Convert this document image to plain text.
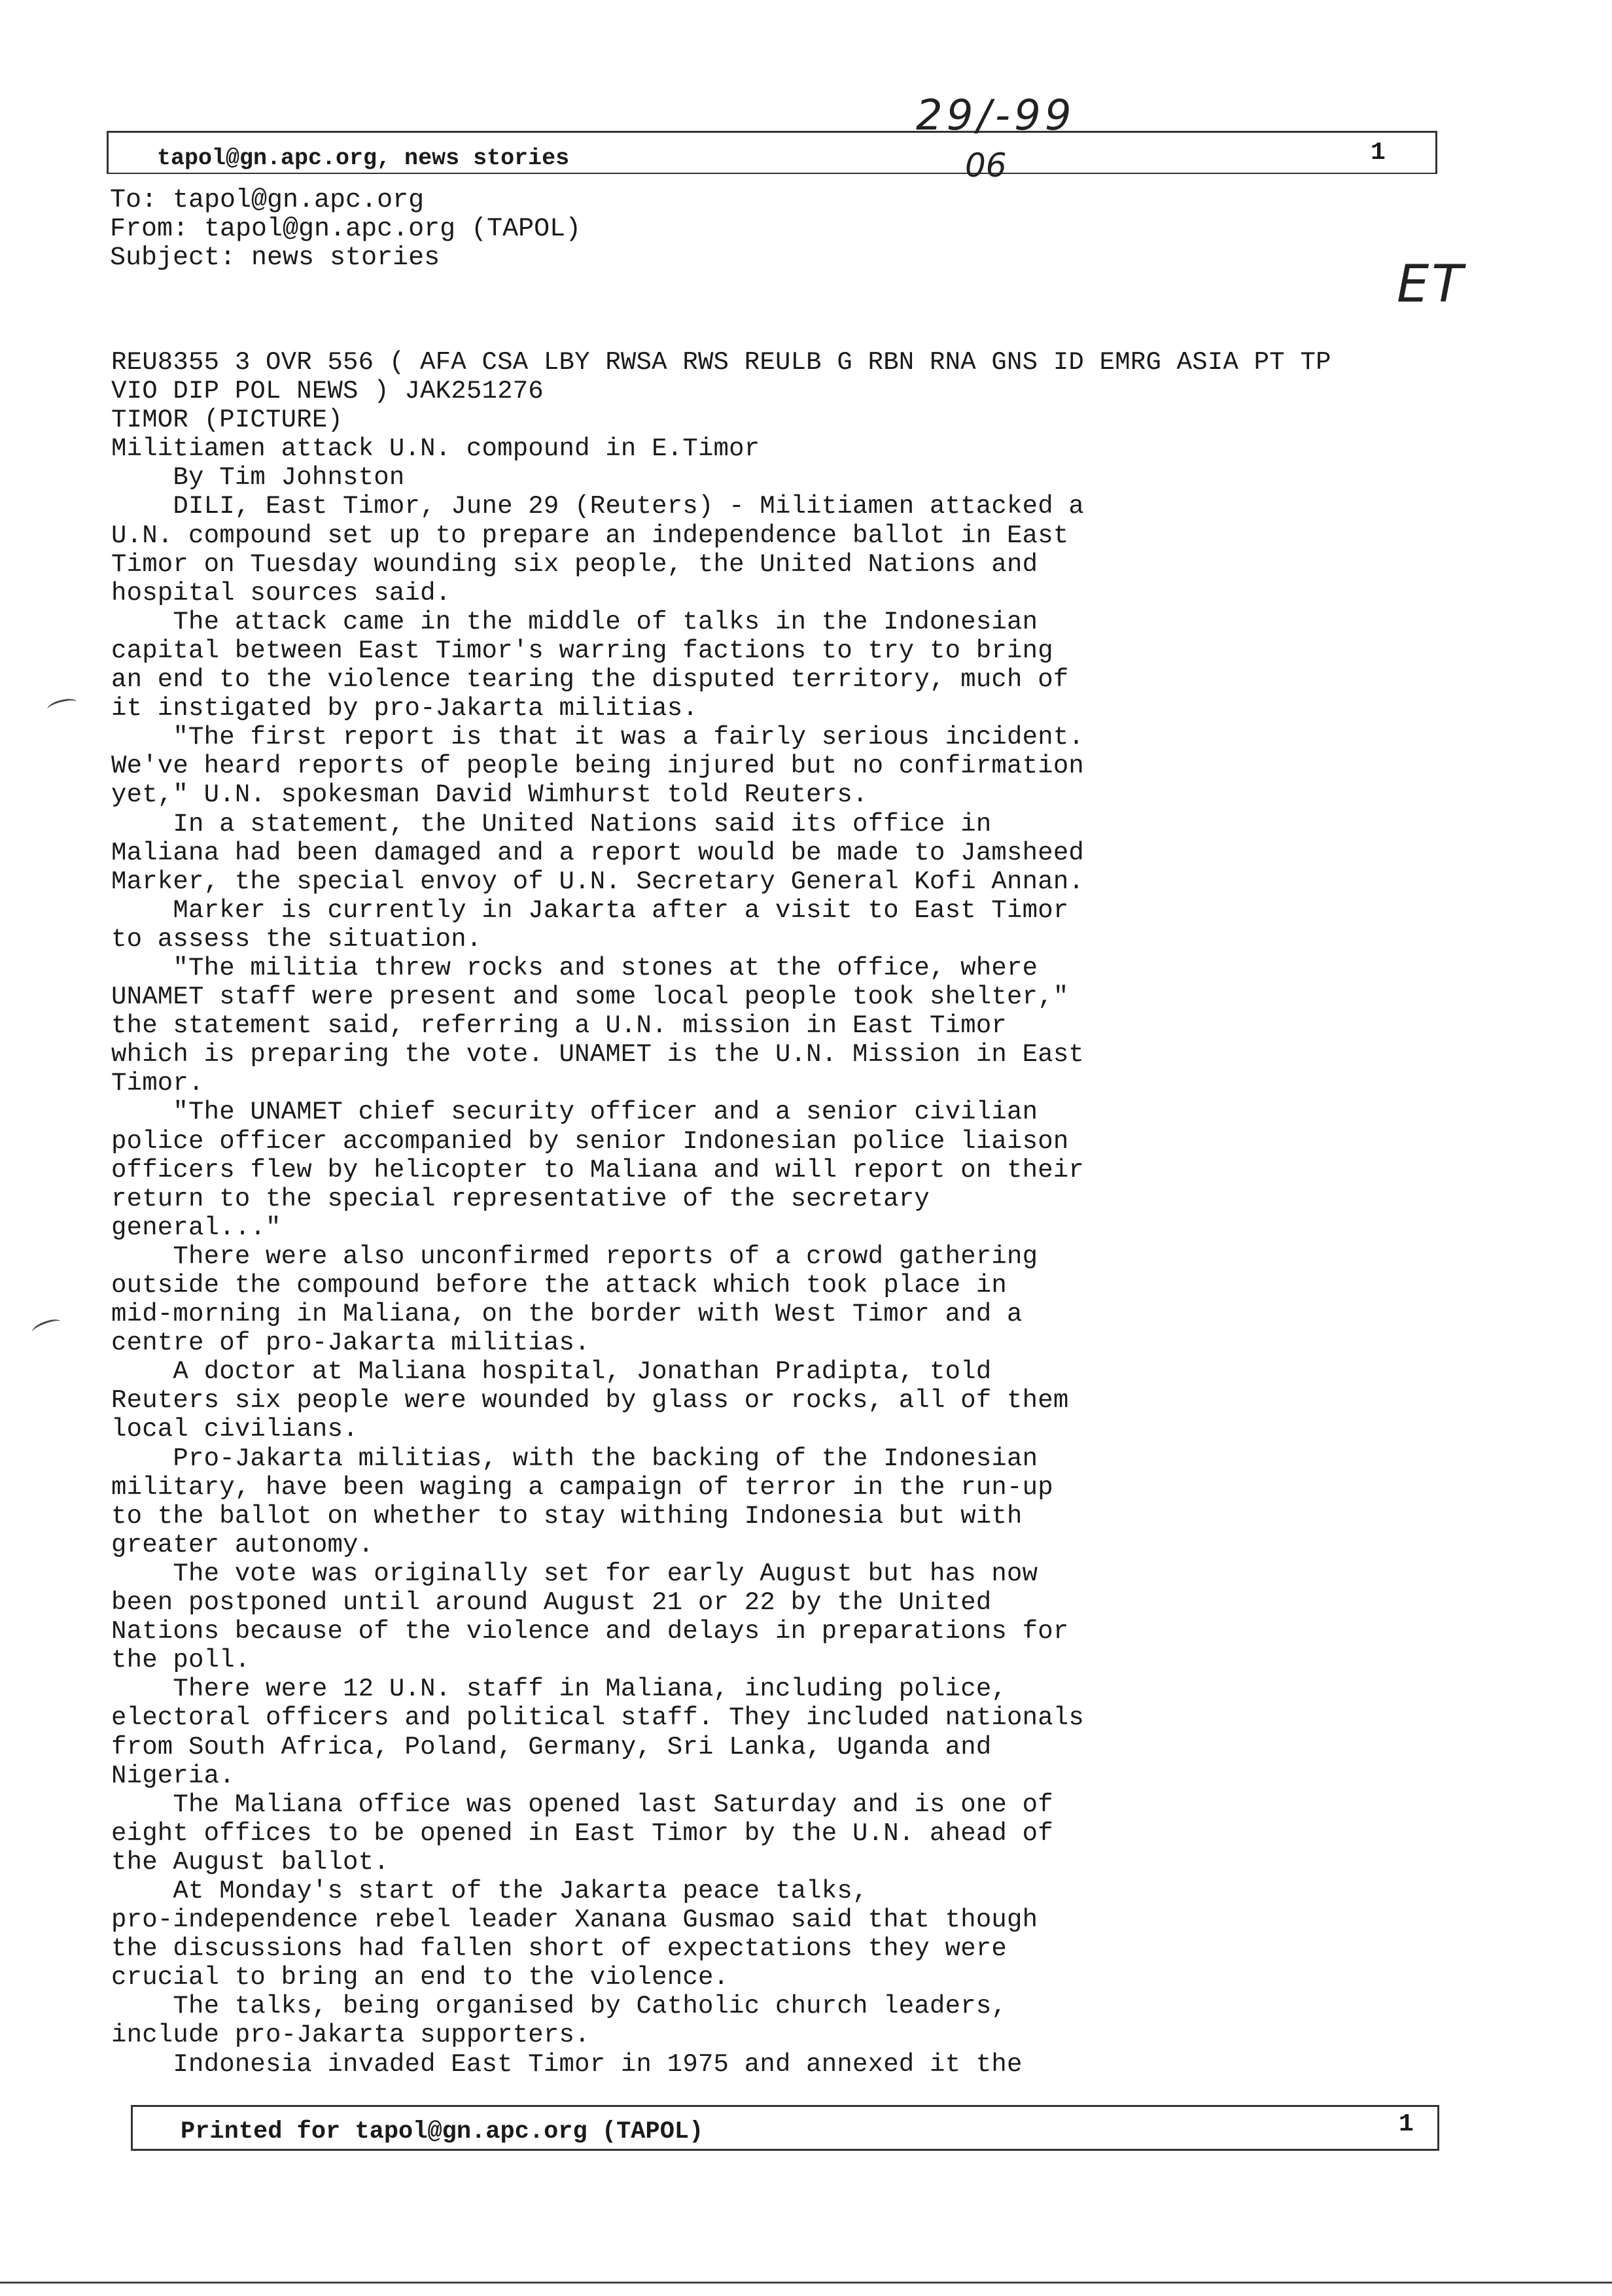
tapol@gn.apc.org, news stories	1
29/-99
06
ET
To: tapol@gn.apc.org
From: tapol@gn.apc.org (TAPOL)
Subject: news stories
REU8355 3 OVR 556 ( AFA CSA LBY RWSA RWS REULB G RBN RNA GNS ID EMRG ASIA PT TP
VIO DIP POL NEWS ) JAK251276
TIMOR (PICTURE)
Militiamen attack U.N. compound in E.Timor
By Tim Johnston
DILI, East Timor, June 29 (Reuters) - Militiamen attacked a
U.N. compound set up to prepare an independence ballot in East
Timor on Tuesday wounding six people, the United Nations and
hospital sources said.
The attack came in the middle of talks in the Indonesian
capital between East Timor's warring factions to try to bring
an end to the violence tearing the disputed territory, much of
it instigated by pro-Jakarta militias.
"The first report is that it was a fairly serious incident.
We've heard reports of people being injured but no confirmation
yet," U.N. spokesman David Wimhurst told Reuters.
In a statement, the United Nations said its office in
Maliana had been damaged and a report would be made to Jamsheed
Marker, the special envoy of U.N. Secretary General Kofi Annan.
Marker is currently in Jakarta after a visit to East Timor
to assess the situation.
"The militia threw rocks and stones at the office, where
UNAMET staff were present and some local people took shelter,"
the statement said, referring a U.N. mission in East Timor
which is preparing the vote. UNAMET is the U.N. Mission in East
Timor.
"The UNAMET chief security officer and a senior civilian
police officer accompanied by senior Indonesian police liaison
officers flew by helicopter to Maliana and will report on their
return to the special representative of the secretary
general..."
There were also unconfirmed reports of a crowd gathering
outside the compound before the attack which took place in
mid-morning in Maliana, on the border with West Timor and a
centre of pro-Jakarta militias.
A doctor at Maliana hospital, Jonathan Pradipta, told
Reuters six people were wounded by glass or rocks, all of them
local civilians.
Pro-Jakarta militias, with the backing of the Indonesian
military, have been waging a campaign of terror in the run-up
to the ballot on whether to stay withing Indonesia but with
greater autonomy.
The vote was originally set for early August but has now
been postponed until around August 21 or 22 by the United
Nations because of the violence and delays in preparations for
the poll.
There were 12 U.N. staff in Maliana, including police,
electoral officers and political staff. They included nationals
from South Africa, Poland, Germany, Sri Lanka, Uganda and
Nigeria.
The Maliana office was opened last Saturday and is one of
eight offices to be opened in East Timor by the U.N. ahead of
the August ballot.
At Monday's start of the Jakarta peace talks,
pro-independence rebel leader Xanana Gusmao said that though
the discussions had fallen short of expectations they were
crucial to bring an end to the violence.
The talks, being organised by Catholic church leaders,
include pro-Jakarta supporters.
Indonesia invaded East Timor in 1975 and annexed it the
Printed for tapol@gn.apc.org (TAPOL)	1
